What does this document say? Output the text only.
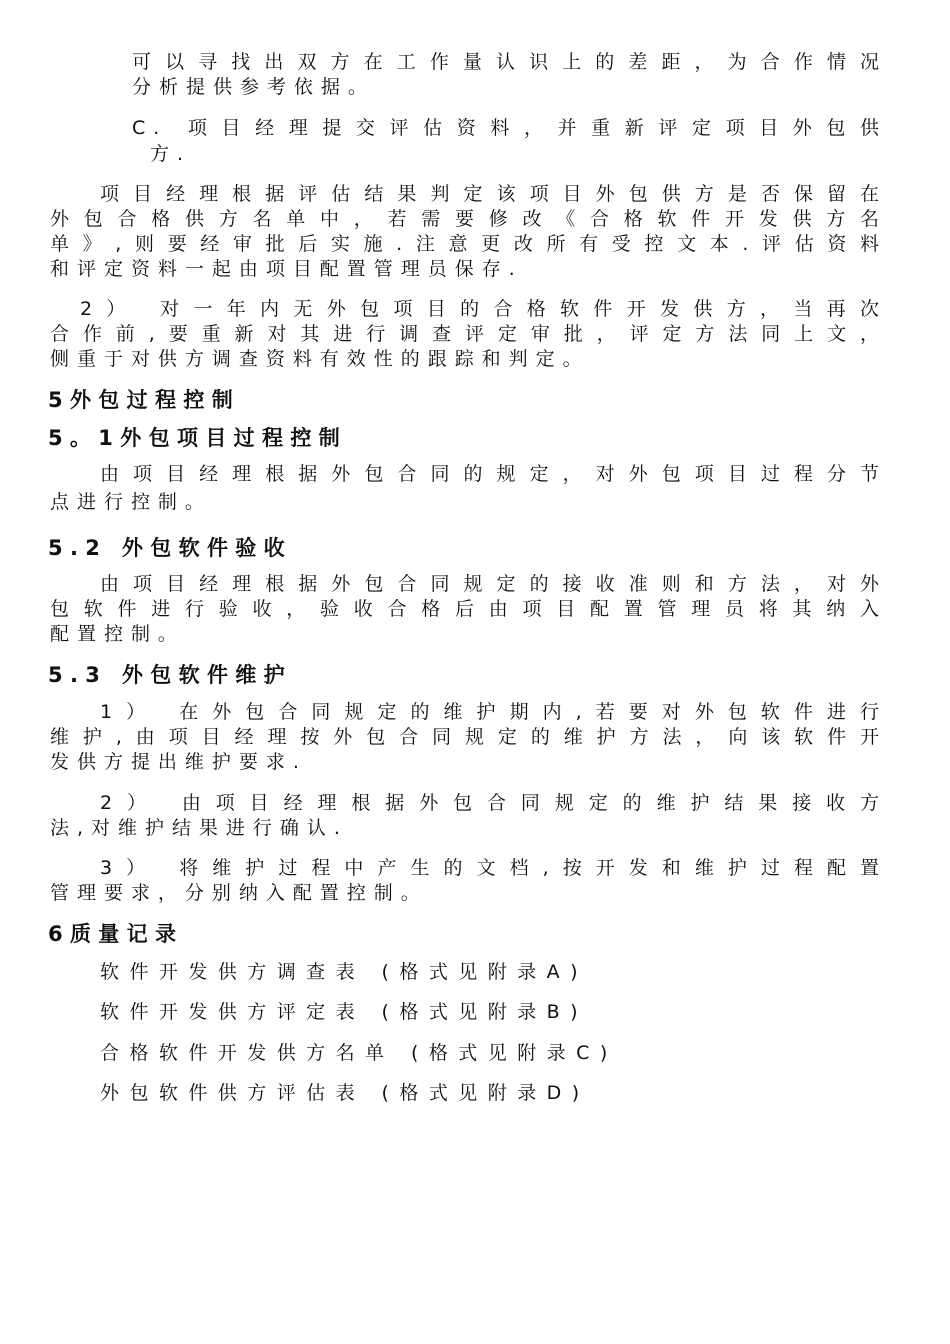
可以寻找出双方在工作量认识上的差距，为合作情况
分析提供参考依据。
C. 项目经理提交评估资料，并重新评定项目外包供
方.
项目经理根据评估结果判定该项目外包供方是否保留在
外包合格供方名单中，若需要修改《合格软件开发供方名
单》,则要经审批后实施.注意更改所有受控文本.评估资料
和评定资料一起由项目配置管理员保存.
2） 对一年内无外包项目的合格软件开发供方，当再次
合作前,要重新对其进行调查评定审批，评定方法同上文，
侧重于对供方调查资料有效性的跟踪和判定。
5外包过程控制
5。1外包项目过程控制
由项目经理根据外包合同的规定，对外包项目过程分节
点进行控制。
5.2 外包软件验收
由项目经理根据外包合同规定的接收准则和方法，对外
包软件进行验收，验收合格后由项目配置管理员将其纳入
配置控制。
5.3 外包软件维护
1） 在外包合同规定的维护期内,若要对外包软件进行
维护,由项目经理按外包合同规定的维护方法，向该软件开
发供方提出维护要求.
2） 由项目经理根据外包合同规定的维护结果接收方
法,对维护结果进行确认.
3） 将维护过程中产生的文档,按开发和维护过程配置
管理要求，分别纳入配置控制。
6质量记录
软件开发供方调查表 (格式见附录A)
软件开发供方评定表 (格式见附录B)
合格软件开发供方名单 (格式见附录C)
外包软件供方评估表 (格式见附录D)
